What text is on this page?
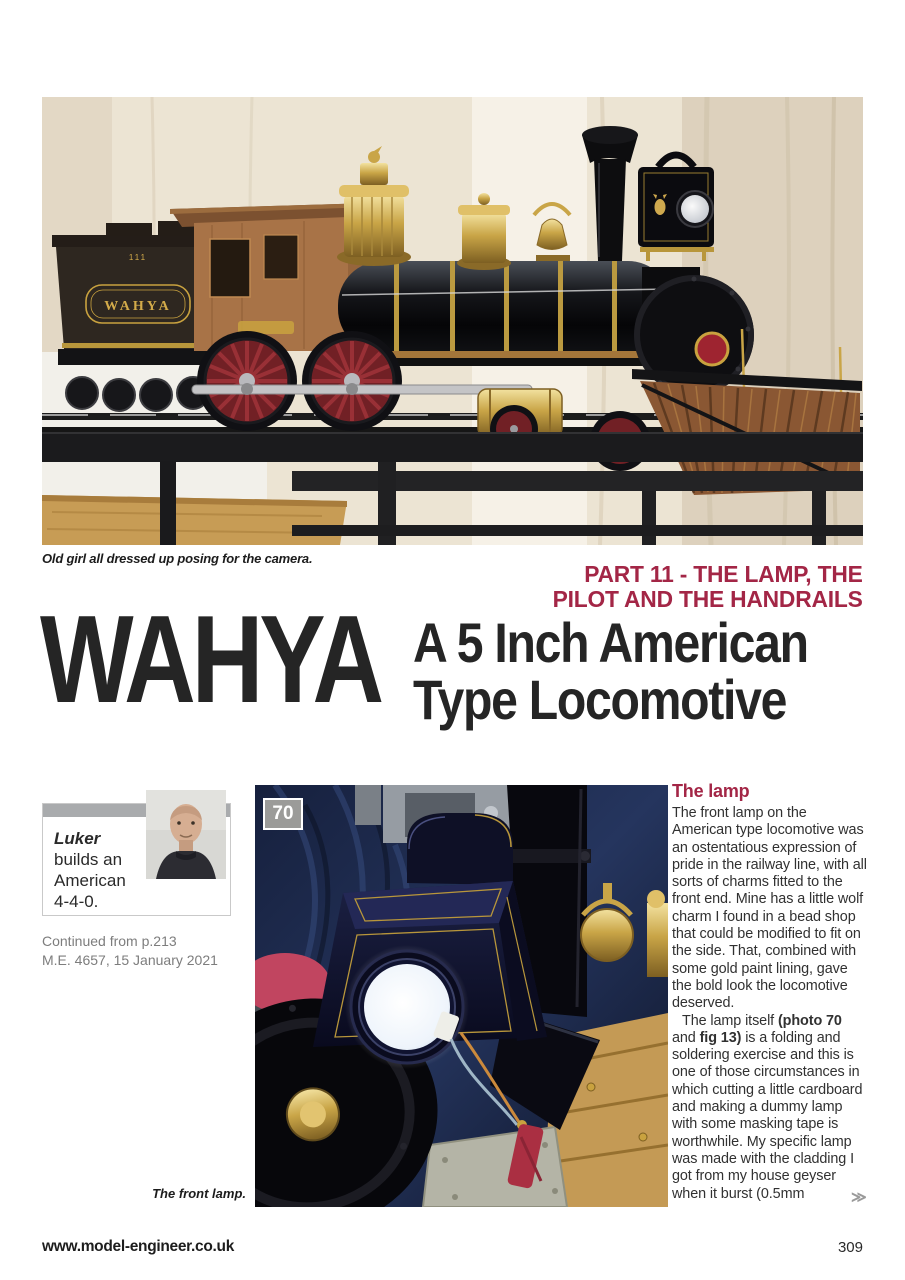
WAHYA
111
Old girl all dressed up posing for the camera.
PART 11 - THE LAMP, THE
PILOT AND THE HANDRAILS
WAHYA A 5 Inch American
Type Locomotive
Luker
builds an
American
4-4-0.
Continued from p.213
M.E. 4657, 15 January 2021
70
The front lamp.
The lamp

The front lamp on the American type locomotive was an ostentatious expression of pride in the railway line, with all sorts of charms fitted to the front end. Mine has a little wolf charm I found in a bead shop that could be modified to fit on the side. That, combined with some gold paint lining, gave the bold look the locomotive deserved.

The lamp itself (photo 70 and fig 13) is a folding and soldering exercise and this is one of those circumstances in which cutting a little cardboard and making a dummy lamp with some masking tape is worthwhile. My specific lamp was made with the cladding I got from my house geyser when it burst (0.5mm	≫
www.model-engineer.co.uk	309
